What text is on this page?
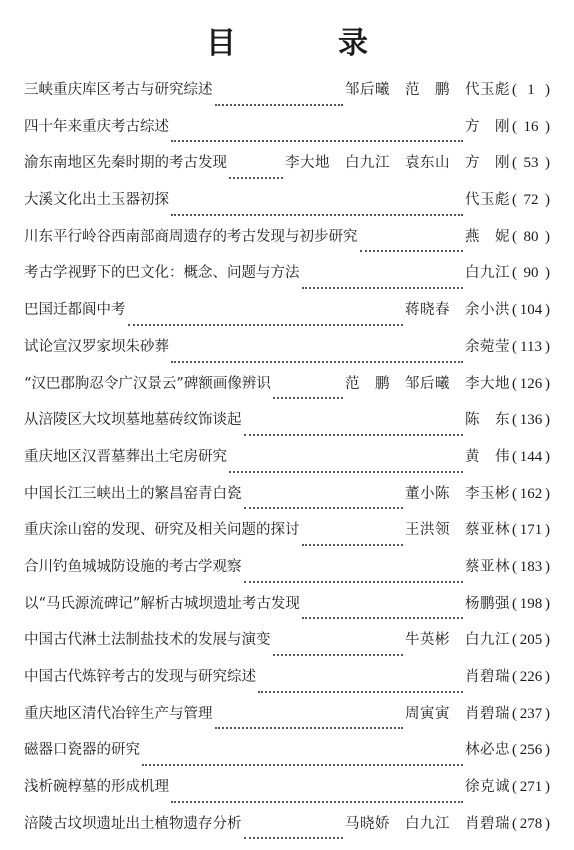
目　录
三峡重庆库区考古与研究综述	邹后曦　范　鹏　代玉彪 ( 1 )
四十年来重庆考古综述	方　刚 ( 16 )
渝东南地区先秦时期的考古发现	李大地　白九江　袁东山　方　刚 ( 53 )
大溪文化出土玉器初探	代玉彪 ( 72 )
川东平行岭谷西南部商周遗存的考古发现与初步研究	燕　妮 ( 80 )
考古学视野下的巴文化：概念、问题与方法	白九江 ( 90 )
巴国迁都阆中考	蒋晓春　余小洪 ( 104 )
试论宣汉罗家坝朱砂葬	余菀莹 ( 113 )
“汉巴郡朐忍令广汉景云”碑额画像辨识	范　鹏　邹后曦　李大地 ( 126 )
从涪陵区大坟坝墓地墓砖纹饰谈起	陈　东 ( 136 )
重庆地区汉晋墓葬出土宅房研究	黄　伟 ( 144 )
中国长江三峡出土的繁昌窑青白瓷	董小陈　李玉彬 ( 162 )
重庆涂山窑的发现、研究及相关问题的探讨	王洪领　蔡亚林 ( 171 )
合川钓鱼城城防设施的考古学观察	蔡亚林 ( 183 )
以“马氏源流碑记”解析古城坝遗址考古发现	杨鹏强 ( 198 )
中国古代淋土法制盐技术的发展与演变	牛英彬　白九江 ( 205 )
中国古代炼锌考古的发现与研究综述	肖碧瑞 ( 226 )
重庆地区清代冶锌生产与管理	周寅寅　肖碧瑞 ( 237 )
磁器口瓷器的研究	林必忠 ( 256 )
浅析碗椁墓的形成机理	徐克诚 ( 271 )
涪陵古坟坝遗址出土植物遗存分析	马晓娇　白九江　肖碧瑞 ( 278 )
